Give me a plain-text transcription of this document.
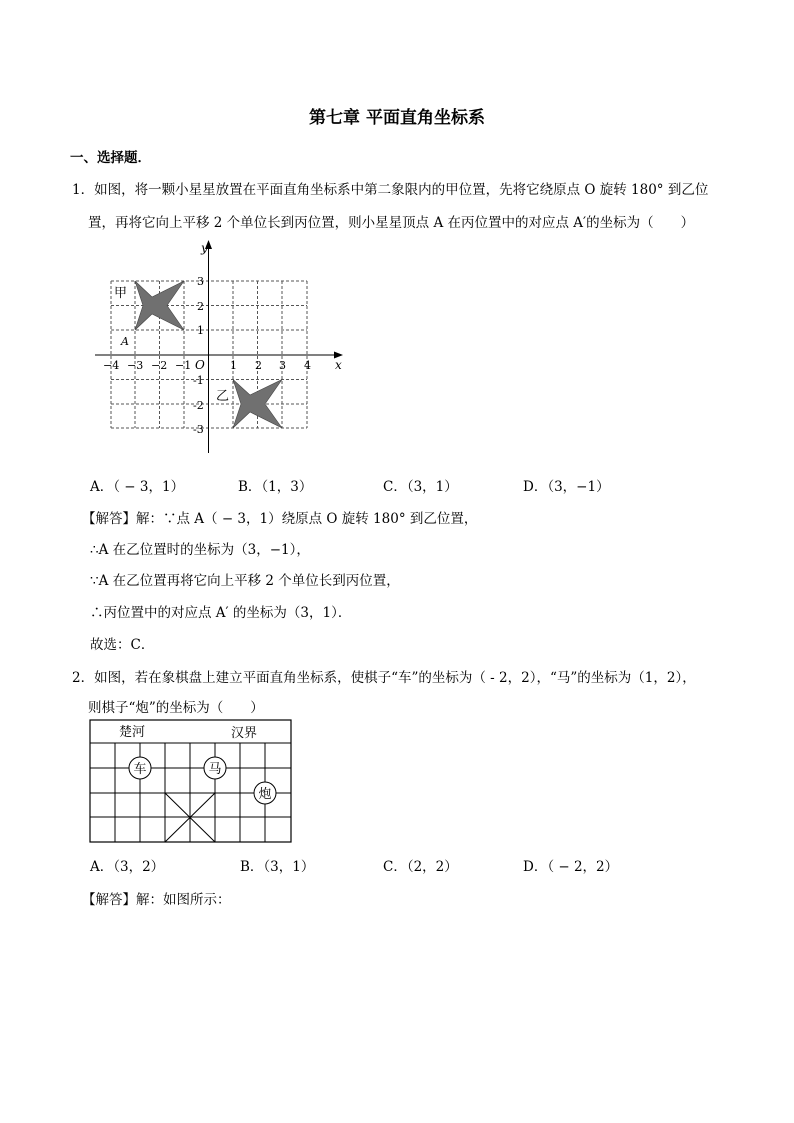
第七章 平面直角坐标系
一、选择题．
1．如图，将一颗小星星放置在平面直角坐标系中第二象限内的甲位置，先将它绕原点 O 旋转 180° 到乙位
置，再将它向上平移 2 个单位长到丙位置，则小星星顶点 A 在丙位置中的对应点 A′的坐标为（　　）
y
x
O
−4 −3 −2 −1	1 2 3 4
3
2
1
-1
-2
-3
甲
乙
A
A．（ − 3，1）	B．（1，3）	C．（3，1）	D．（3，−1）
【解答】解：∵点 A（ − 3，1）绕原点 O 旋转 180° 到乙位置，
∴A 在乙位置时的坐标为（3，−1），
∵A 在乙位置再将它向上平移 2 个单位长到丙位置，
∴丙位置中的对应点 A′ 的坐标为（3，1）．
故选：C．
2．如图，若在象棋盘上建立平面直角坐标系，使棋子“车”的坐标为（ - 2，2），“马”的坐标为（1，2），
则棋子“炮”的坐标为（　　）
楚河	汉界
车	马
炮
A．（3，2）	B．（3，1）	C．（2，2）	D．（ − 2，2）
【解答】解：如图所示：
